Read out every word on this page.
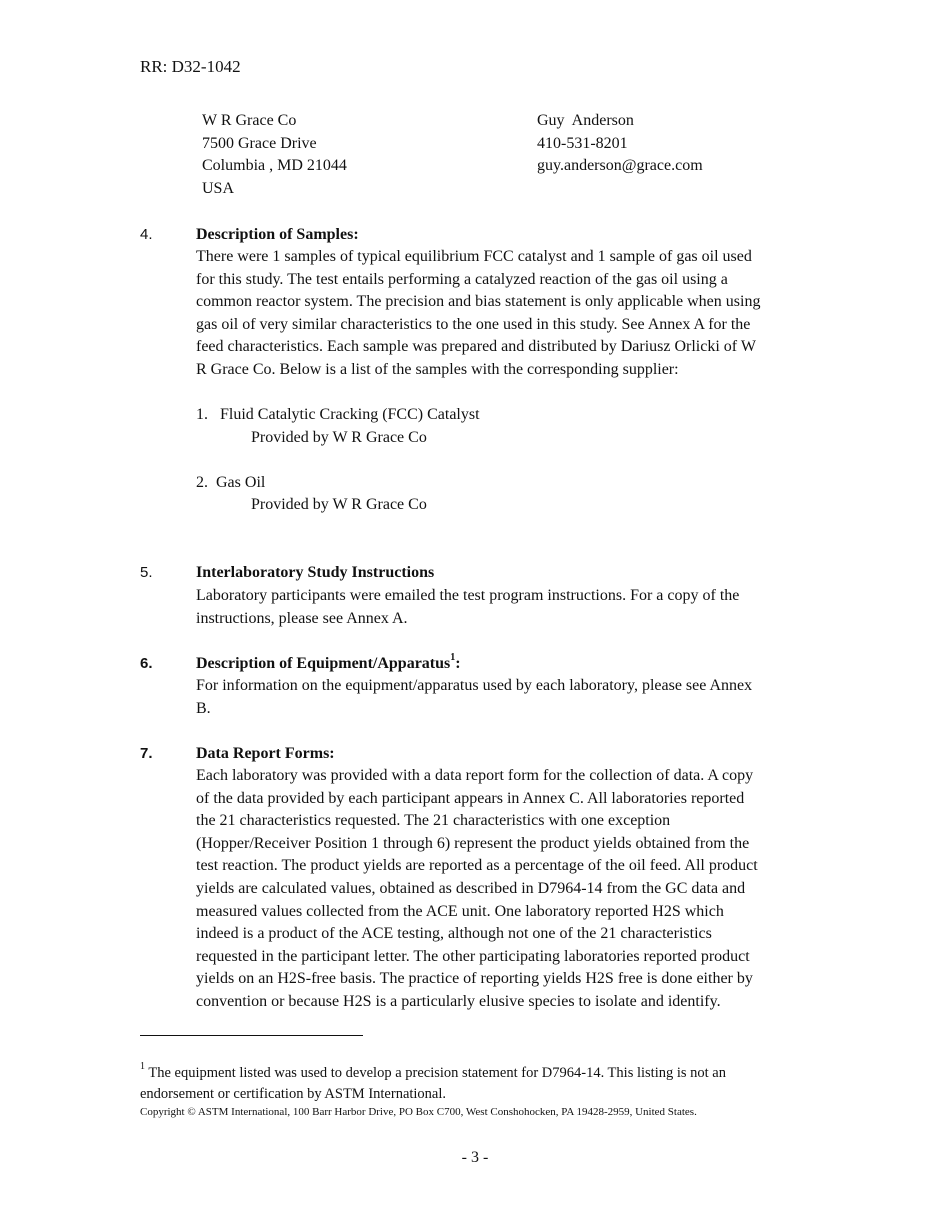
RR: D32-1042
W R Grace Co
7500 Grace Drive
Columbia , MD 21044
USA
Guy  Anderson
410-531-8201
guy.anderson@grace.com
4.	Description of Samples:
There were 1 samples of typical equilibrium FCC catalyst and 1 sample of gas oil used
for this study. The test entails performing a catalyzed reaction of the gas oil using a
common reactor system. The precision and bias statement is only applicable when using
gas oil of very similar characteristics to the one used in this study. See Annex A for the
feed characteristics. Each sample was prepared and distributed by Dariusz Orlicki of W
R Grace Co. Below is a list of the samples with the corresponding supplier:
1.   Fluid Catalytic Cracking (FCC) Catalyst
Provided by W R Grace Co
2.  Gas Oil
Provided by W R Grace Co
5.	Interlaboratory Study Instructions
Laboratory participants were emailed the test program instructions. For a copy of the
instructions, please see Annex A.
6.	Description of Equipment/Apparatus$^1$:
For information on the equipment/apparatus used by each laboratory, please see Annex
B.
7.	Data Report Forms:
Each laboratory was provided with a data report form for the collection of data. A copy
of the data provided by each participant appears in Annex C. All laboratories reported
the 21 characteristics requested. The 21 characteristics with one exception
(Hopper/Receiver Position 1 through 6) represent the product yields obtained from the
test reaction. The product yields are reported as a percentage of the oil feed. All product
yields are calculated values, obtained as described in D7964-14 from the GC data and
measured values collected from the ACE unit. One laboratory reported H2S which
indeed is a product of the ACE testing, although not one of the 21 characteristics
requested in the participant letter. The other participating laboratories reported product
yields on an H2S-free basis. The practice of reporting yields H2S free is done either by
convention or because H2S is a particularly elusive species to isolate and identify.
$^1$ The equipment listed was used to develop a precision statement for D7964-14. This listing is not an
endorsement or certification by ASTM International.
Copyright © ASTM International, 100 Barr Harbor Drive, PO Box C700, West Conshohocken, PA 19428-2959, United States.
- 3 -
